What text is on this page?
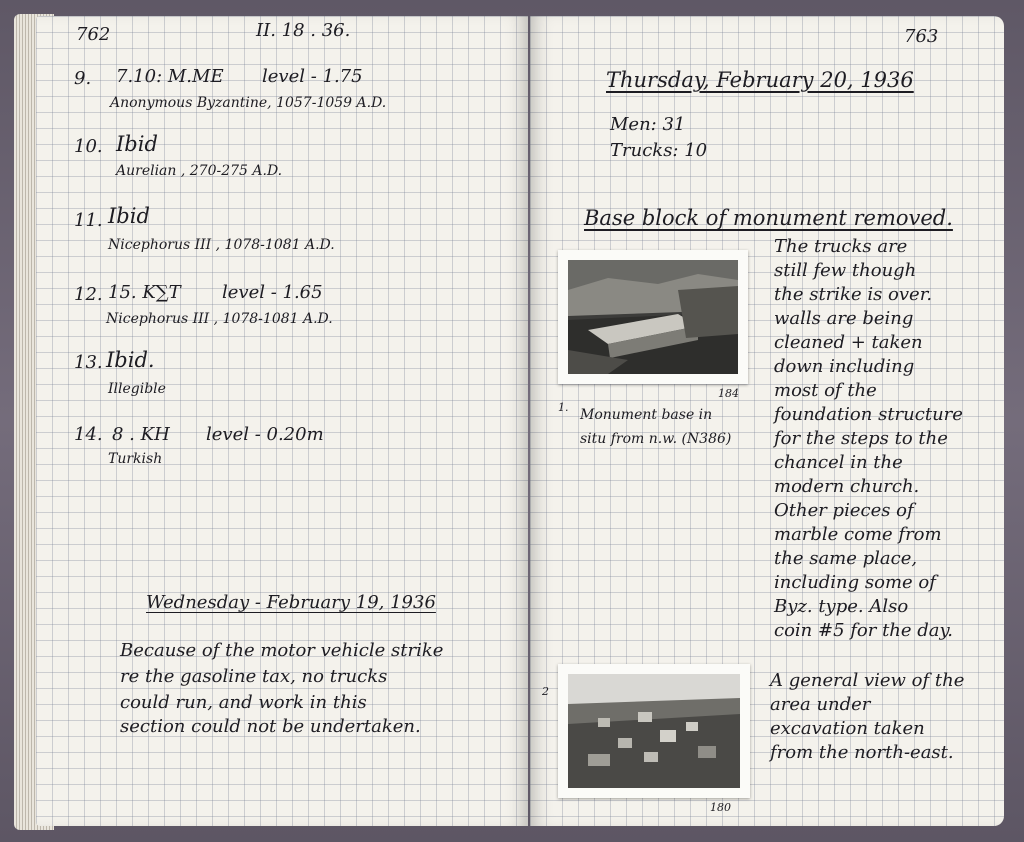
762	II. 18 . 36.
9. 7.10: M.ME level - 1.75
Anonymous Byzantine, 1057-1059 A.D.
10. Ibid
Aurelian , 270-275 A.D.
11. Ibid
Nicephorus III , 1078-1081 A.D.
12. 15. K∑T level - 1.65
Nicephorus III , 1078-1081 A.D.
13. Ibid.
Illegible
14. 8 . KH level - 0.20m
Turkish
Wednesday - February 19, 1936
Because of the motor vehicle strike
re the gasoline tax, no trucks
could run, and work in this
section could not be undertaken.
763
Thursday, February 20, 1936
Men: 31
Trucks: 10
Base block of monument removed.
184
1. Monument base in
situ from n.w. (N386)
180
2
The trucks are
still few though
the strike is over.
walls are being
cleaned + taken
down including
most of the
foundation structure
for the steps to the
chancel in the
modern church.
Other pieces of
marble come from
the same place,
including some of
Byz. type. Also
coin #5 for the day.
A general view of the
area under
excavation taken
from the north-east.
